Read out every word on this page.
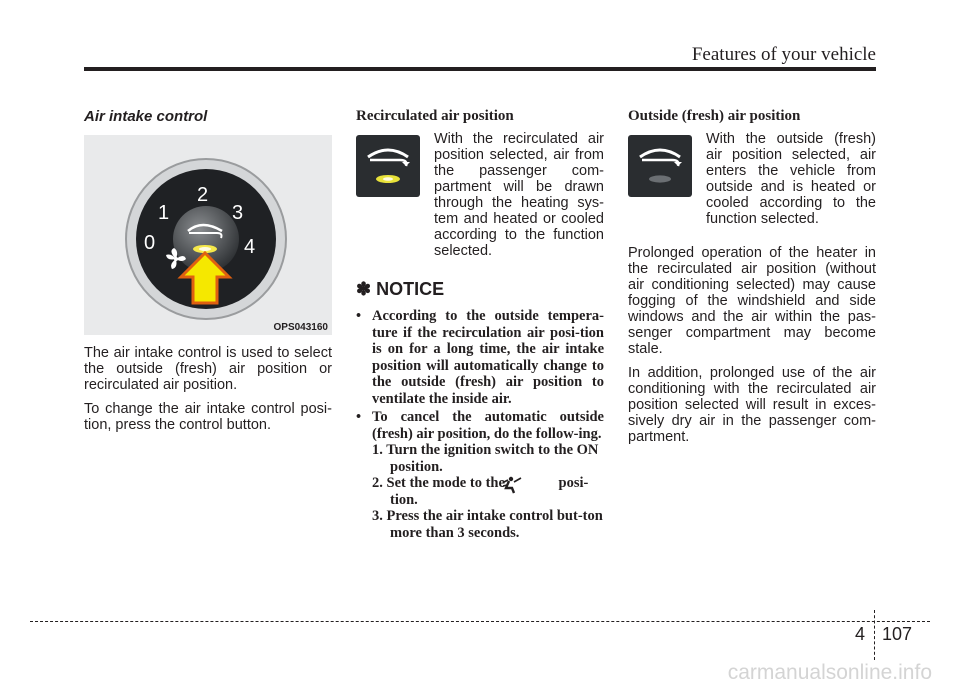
Features of your vehicle
Air intake control
0
1
2
3
4
OPS043160

The air intake control is used to select the outside (fresh) air position or recirculated air position.

To change the air intake control posi-tion, press the control button.

Recirculated air position
With the recirculated air position selected, air from the passenger com-partment will be drawn through the heating sys-tem and heated or cooled according to the function selected.
✽ NOTICE
• According to the outside tempera-ture if the recirculation air posi-tion is on for a long time, the air intake position will automatically change to the outside (fresh) air position to ventilate the inside air.
• To cancel the automatic outside (fresh) air position, do the follow-ing.
1. Turn the ignition switch to the ON position.
2. Set the mode to the	posi-tion.
3. Press the air intake control but-ton more than 3 seconds.
Outside (fresh) air position
With the outside (fresh) air position selected, air enters the vehicle from outside and is heated or cooled according to the function selected.

Prolonged operation of the heater in the recirculated air position (without air conditioning selected) may cause fogging of the windshield and side windows and the air within the pas-senger compartment may become stale.

In addition, prolonged use of the air conditioning with the recirculated air position selected will result in exces-sively dry air in the passenger com-partment.

4 107
carmanualsonline.info
